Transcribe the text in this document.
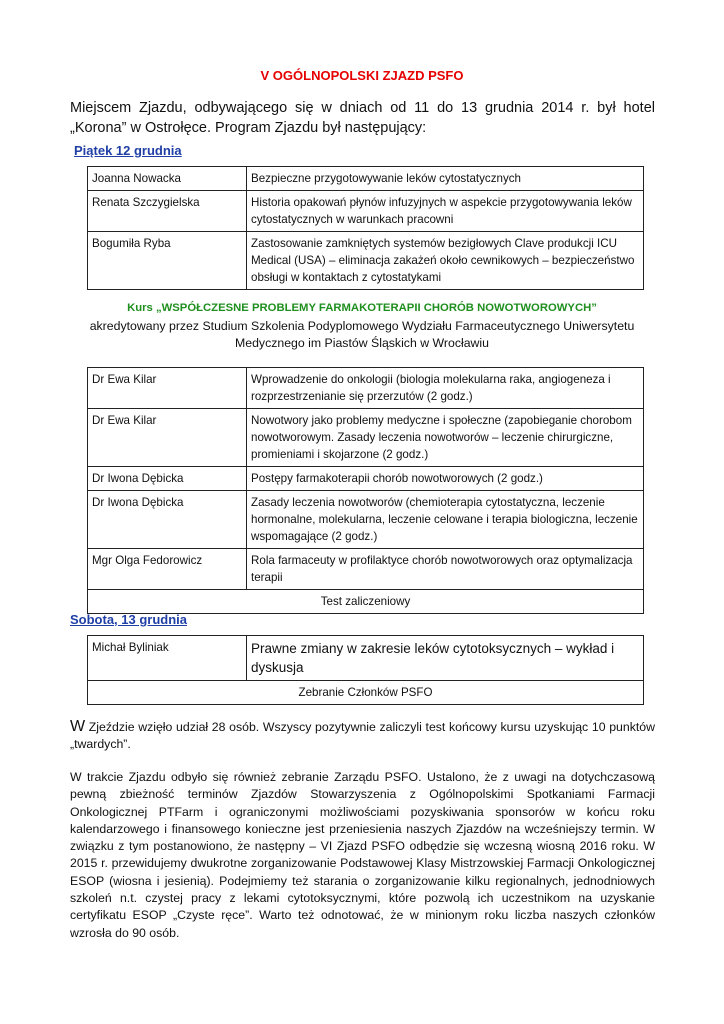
V OGÓLNOPOLSKI ZJAZD PSFO
Miejscem Zjazdu, odbywającego się w dniach od 11 do 13 grudnia 2014 r. był hotel „Korona” w Ostrołęce. Program Zjazdu był następujący:
Piątek 12 grudnia
Joanna Nowacka	Bezpieczne przygotowywanie leków cytostatycznych
Renata Szczygielska	Historia opakowań płynów infuzyjnych w aspekcie przygotowywania leków cytostatycznych w warunkach pracowni
Bogumiła Ryba	Zastosowanie zamkniętych systemów bezigłowych Clave produkcji ICU Medical (USA) – eliminacja zakażeń około cewnikowych – bezpieczeństwo obsługi w kontaktach z cytostatykami
Kurs „WSPÓŁCZESNE PROBLEMY FARMAKOTERAPII CHORÓB NOWOTWOROWYCH”
akredytowany przez Studium Szkolenia Podyplomowego Wydziału Farmaceutycznego Uniwersytetu Medycznego im Piastów Śląskich w Wrocławiu
Dr Ewa Kilar	Wprowadzenie do onkologii (biologia molekularna raka, angiogeneza i rozprzestrzenianie się przerzutów (2 godz.)
Dr Ewa Kilar	Nowotwory jako problemy medyczne i społeczne (zapobieganie chorobom nowotworowym. Zasady leczenia nowotworów – leczenie chirurgiczne, promieniami i skojarzone (2 godz.)
Dr Iwona Dębicka	Postępy farmakoterapii chorób nowotworowych (2 godz.)
Dr Iwona Dębicka	Zasady leczenia nowotworów (chemioterapia cytostatyczna, leczenie hormonalne, molekularna, leczenie celowane i terapia biologiczna, leczenie wspomagające (2 godz.)
Mgr Olga Fedorowicz	Rola farmaceuty w profilaktyce chorób nowotworowych oraz optymalizacja terapii
Test zaliczeniowy	
Sobota, 13 grudnia
Michał Byliniak	Prawne zmiany w zakresie leków cytotoksycznych – wykład i dyskusja
Zebranie Członków PSFO
W Zjeździe wzięło udział 28 osób. Wszyscy pozytywnie zaliczyli test końcowy kursu uzyskując 10 punktów „twardych”.
W trakcie Zjazdu odbyło się również zebranie Zarządu PSFO. Ustalono, że z uwagi na dotychczasową pewną zbieżność terminów Zjazdów Stowarzyszenia z Ogólnopolskimi Spotkaniami Farmacji Onkologicznej PTFarm i ograniczonymi możliwościami pozyskiwania sponsorów w końcu roku kalendarzowego i finansowego konieczne jest przeniesienia naszych Zjazdów na wcześniejszy termin. W związku z tym postanowiono, że następny – VI Zjazd PSFO odbędzie się wczesną wiosną 2016 roku. W 2015 r. przewidujemy dwukrotne zorganizowanie Podstawowej Klasy Mistrzowskiej Farmacji Onkologicznej ESOP (wiosna i jesienią). Podejmiemy też starania o zorganizowanie kilku regionalnych, jednodniowych szkoleń n.t. czystej pracy z lekami cytotoksycznymi, które pozwolą ich uczestnikom na uzyskanie certyfikatu ESOP „Czyste ręce”. Warto też odnotować, że w minionym roku liczba naszych członków wzrosła do 90 osób.
